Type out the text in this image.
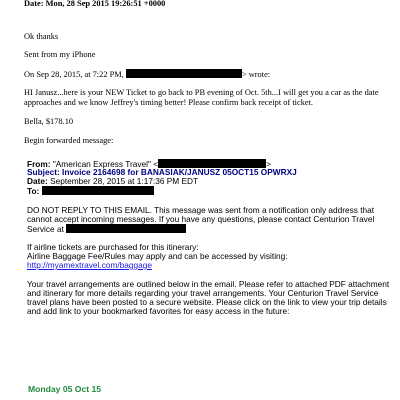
Date: Mon, 28 Sep 2015 19:26:51 +0000
Ok thanks
Sent from my iPhone
On Sep 28, 2015, at 7:22 PM,	> wrote:
HI Janusz...here is your NEW Ticket to go back to PB evening of Oct. 5th...I will get you a car as the date
approaches and we know Jeffrey's timing better! Please confirm back receipt of ticket.
Bella, $178.10
Begin forwarded message:
From: "American Express Travel" <	>
Subject: Invoice 2164698 for BANASIAK/JANUSZ 05OCT15 OPWRXJ
Date: September 28, 2015 at 1:17:36 PM EDT
To:
DO NOT REPLY TO THIS EMAIL. This message was sent from a notification only address that
cannot accept incoming messages. If you have any questions, please contact Centurion Travel
Service at
If airline tickets are purchased for this itinerary:
Airline Baggage Fee/Rules may apply and can be accessed by visiting:
http://myamextravel.com/baggage
Your travel arrangements are outlined below in the email. Please refer to attached PDF attachment
and itinerary for more details regarding your travel arrangements. Your Centurion Travel Service
travel plans have been posted to a secure website. Please click on the link to view your trip details
and add link to your bookmarked favorites for easy access in the future:
Monday 05 Oct 15
